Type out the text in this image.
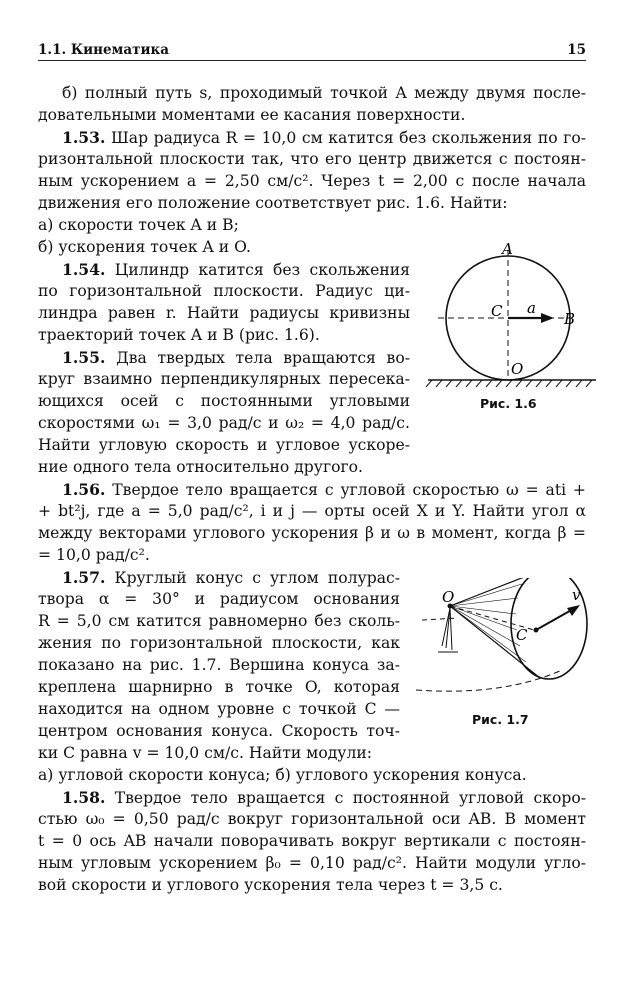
1.1. Кинематика	15

б) полный путь s, проходимый точкой A между двумя после-

довательными моментами ее касания поверхности.

1.53. Шар радиуса R = 10,0 см катится без скольжения по го-

ризонтальной плоскости так, что его центр движется с постоян-

ным ускорением a = 2,50 см/с². Через t = 2,00 с после начала

движения его положение соответствует рис. 1.6. Найти:

а) скорости точек A и B;

б) ускорения точек A и O.

1.54. Цилиндр катится без скольжения

по горизонтальной плоскости. Радиус ци-

линдра равен r. Найти радиусы кривизны

траекторий точек A и B (рис. 1.6).

1.55. Два твердых тела вращаются во-

круг взаимно перпендикулярных пересека-

ющихся осей с постоянными угловыми

скоростями ω₁ = 3,0 рад/с и ω₂ = 4,0 рад/с.

Найти угловую скорость и угловое ускоре-

ние одного тела относительно другого.

1.56. Твердое тело вращается с угловой скоростью ω = ati +

+ bt²j, где a = 5,0 рад/с², i и j — орты осей X и Y. Найти угол α

между векторами углового ускорения β и ω в момент, когда β =

= 10,0 рад/с².

1.57. Круглый конус с углом полурас-

твора α = 30° и радиусом основания

R = 5,0 см катится равномерно без сколь-

жения по горизонтальной плоскости, как

показано на рис. 1.7. Вершина конуса за-

креплена шарнирно в точке O, которая

находится на одном уровне с точкой C —

центром основания конуса. Скорость точ-

ки C равна v = 10,0 см/с. Найти модули:

а) угловой скорости конуса; б) углового ускорения конуса.

1.58. Твердое тело вращается с постоянной угловой скоро-

стью ω₀ = 0,50 рад/с вокруг горизонтальной оси AB. В момент

t = 0 ось AB начали поворачивать вокруг вертикали с постоян-

ным угловым ускорением β₀ = 0,10 рад/с². Найти модули угло-

вой скорости и углового ускорения тела через t = 3,5 с.

A
B
C
O
a
Рис. 1.6
O
C
v
Рис. 1.7
